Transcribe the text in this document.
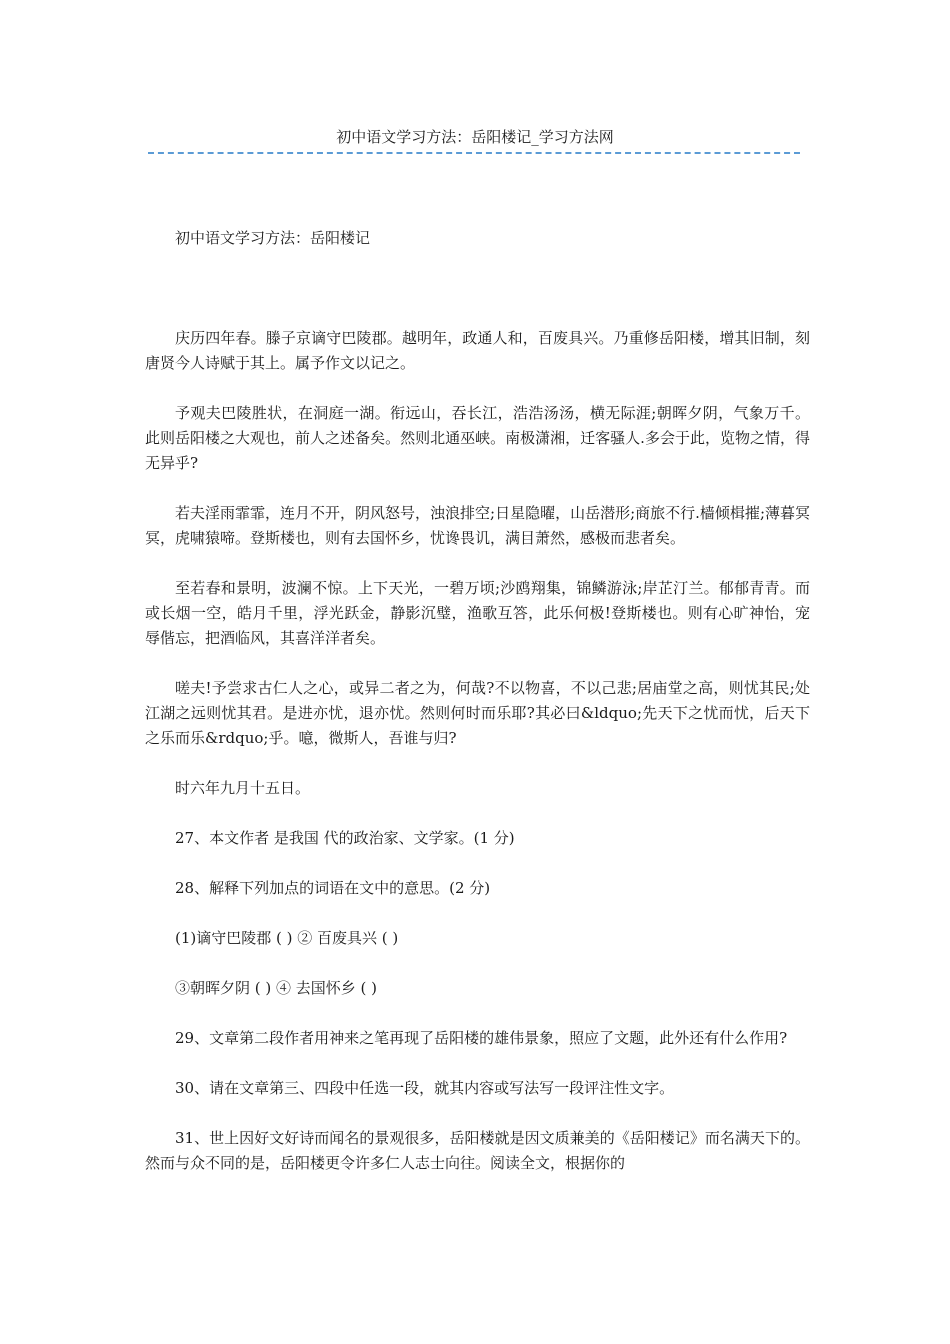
初中语文学习方法：岳阳楼记_学习方法网

初中语文学习方法：岳阳楼记

庆历四年春。滕子京谪守巴陵郡。越明年，政通人和，百废具兴。乃重修岳阳楼，增其旧制，刻唐贤今人诗赋于其上。属予作文以记之。

予观夫巴陵胜状，在洞庭一湖。衔远山，吞长江，浩浩汤汤，横无际涯;朝晖夕阴，气象万千。此则岳阳楼之大观也，前人之述备矣。然则北通巫峡。南极潇湘，迁客骚人.多会于此，览物之情，得无异乎?

若夫淫雨霏霏，连月不开，阴风怒号，浊浪排空;日星隐曜，山岳潜形;商旅不行.樯倾楫摧;薄暮冥冥，虎啸猿啼。登斯楼也，则有去国怀乡，忧谗畏讥，满目萧然，感极而悲者矣。

至若春和景明，波澜不惊。上下天光，一碧万顷;沙鸥翔集，锦鳞游泳;岸芷汀兰。郁郁青青。而或长烟一空，皓月千里，浮光跃金，静影沉璧，渔歌互答，此乐何极!登斯楼也。则有心旷神怡，宠辱偕忘，把酒临风，其喜洋洋者矣。

嗟夫!予尝求古仁人之心，或异二者之为，何哉?不以物喜，不以己悲;居庙堂之高，则忧其民;处江湖之远则忧其君。是进亦忧，退亦忧。然则何时而乐耶?其必曰&ldquo;先天下之忧而忧，后天下之乐而乐&rdquo;乎。噫，微斯人，吾谁与归?

时六年九月十五日。

27、本文作者 是我国 代的政治家、文学家。(1 分)

28、解释下列加点的词语在文中的意思。(2 分)

(1)谪守巴陵郡 ( ) ② 百废具兴 ( )

③朝晖夕阴 ( ) ④ 去国怀乡 ( )

29、文章第二段作者用神来之笔再现了岳阳楼的雄伟景象，照应了文题，此外还有什么作用?

30、请在文章第三、四段中任选一段，就其内容或写法写一段评注性文字。

31、世上因好文好诗而闻名的景观很多，岳阳楼就是因文质兼美的《岳阳楼记》而名满天下的。然而与众不同的是，岳阳楼更令许多仁人志士向往。阅读全文，根据你的
